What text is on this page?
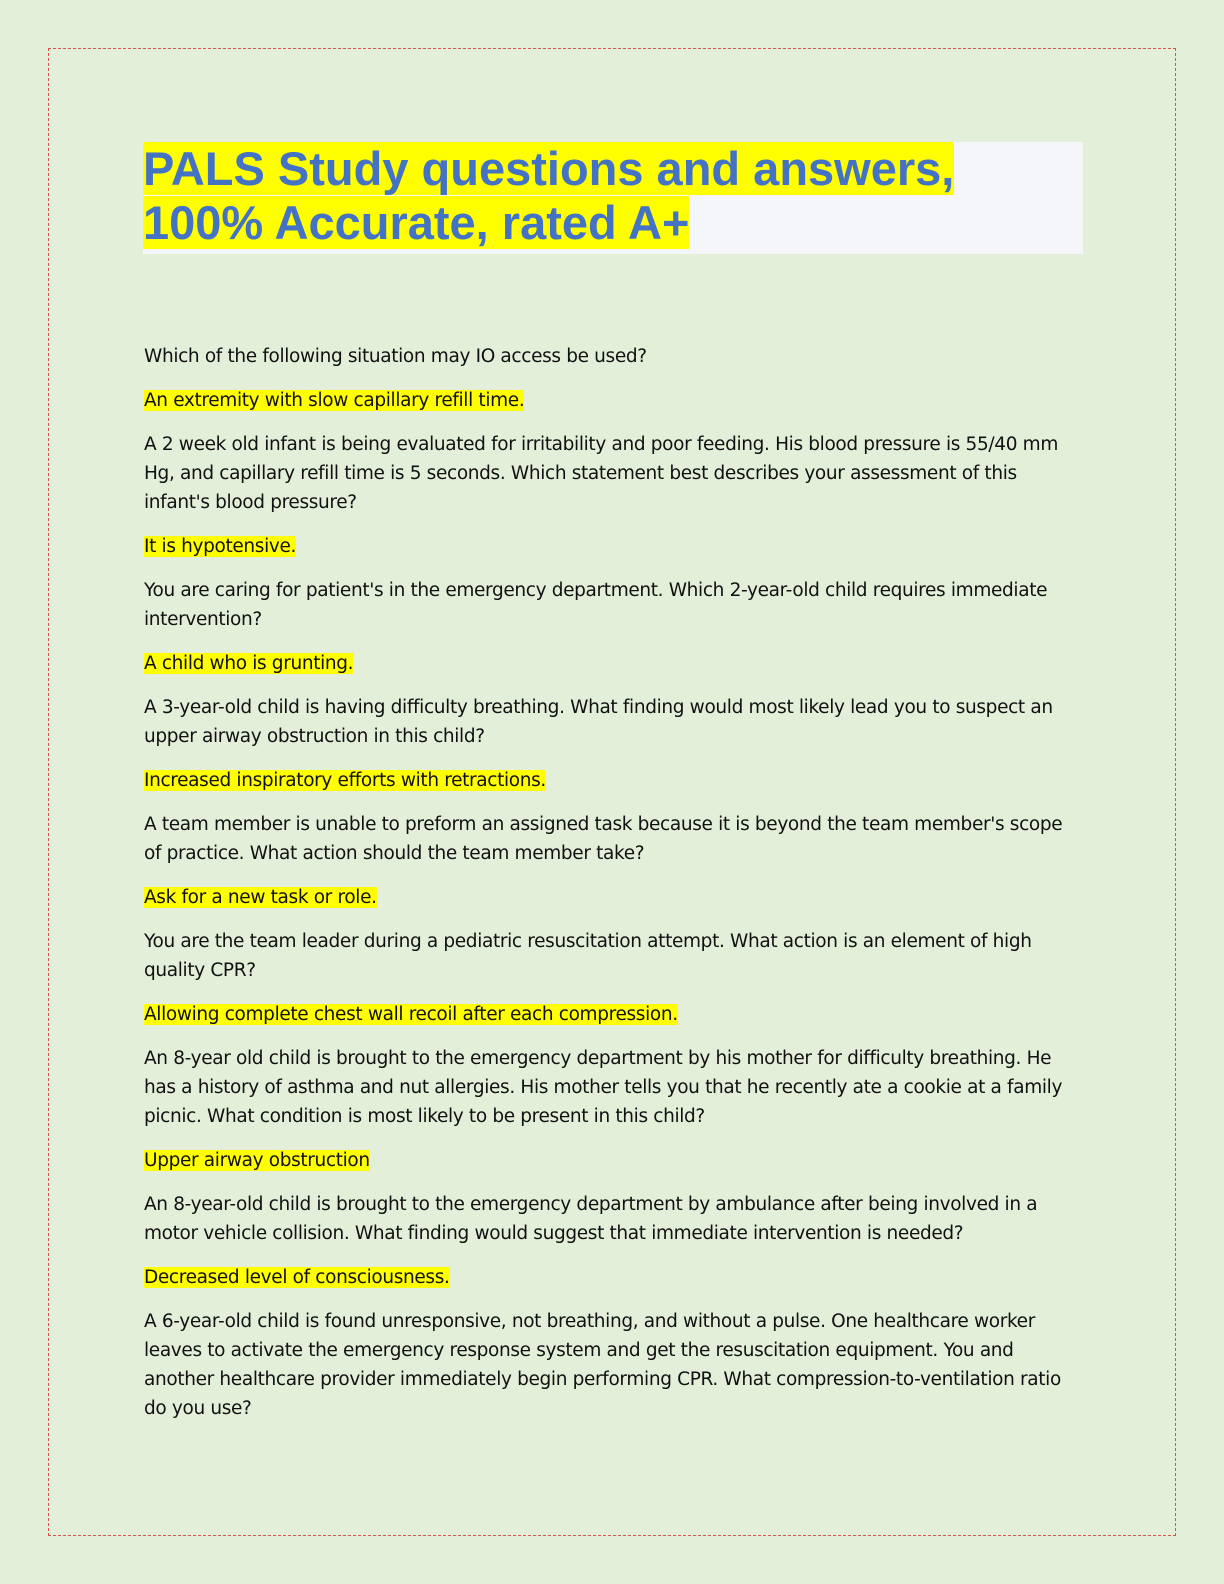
PALS Study questions and answers,
100% Accurate, rated A+

Which of the following situation may IO access be used?

An extremity with slow capillary refill time.

A 2 week old infant is being evaluated for irritability and poor feeding. His blood pressure is 55/40 mm Hg, and capillary refill time is 5 seconds. Which statement best describes your assessment of this infant's blood pressure?

It is hypotensive.

You are caring for patient's in the emergency department. Which 2-year-old child requires immediate intervention?

A child who is grunting.

A 3-year-old child is having difficulty breathing. What finding would most likely lead you to suspect an upper airway obstruction in this child?

Increased inspiratory efforts with retractions.

A team member is unable to preform an assigned task because it is beyond the team member's scope of practice. What action should the team member take?

Ask for a new task or role.

You are the team leader during a pediatric resuscitation attempt. What action is an element of high quality CPR?

Allowing complete chest wall recoil after each compression.

An 8-year old child is brought to the emergency department by his mother for difficulty breathing. He has a history of asthma and nut allergies. His mother tells you that he recently ate a cookie at a family picnic. What condition is most likely to be present in this child?

Upper airway obstruction

An 8-year-old child is brought to the emergency department by ambulance after being involved in a motor vehicle collision. What finding would suggest that immediate intervention is needed?

Decreased level of consciousness.

A 6-year-old child is found unresponsive, not breathing, and without a pulse. One healthcare worker leaves to activate the emergency response system and get the resuscitation equipment. You and another healthcare provider immediately begin performing CPR. What compression-to-ventilation ratio do you use?
